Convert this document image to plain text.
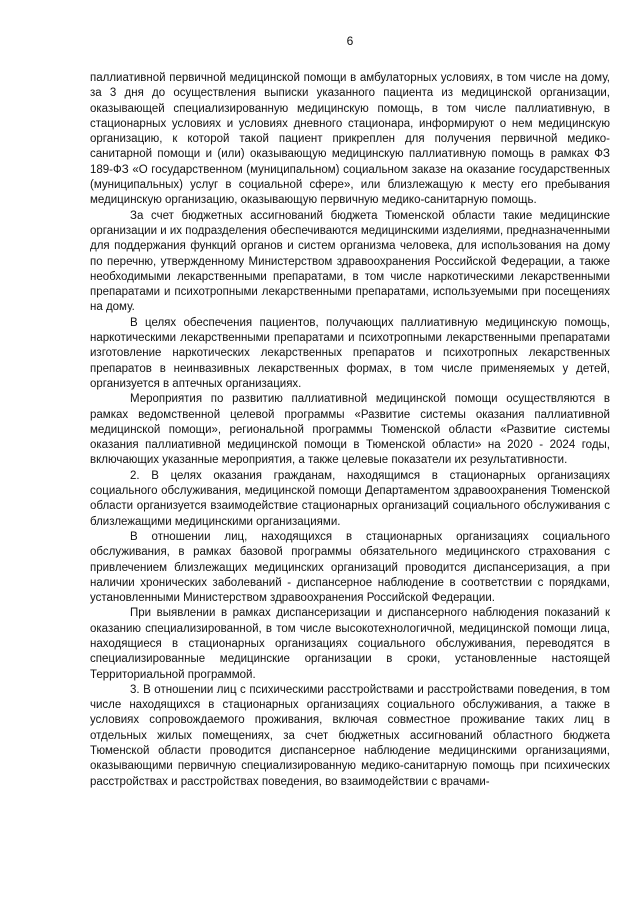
6

паллиативной первичной медицинской помощи в амбулаторных условиях, в том числе на дому, за 3 дня до осуществления выписки указанного пациента из медицинской организации, оказывающей специализированную медицинскую помощь, в том числе паллиативную, в стационарных условиях и условиях дневного стационара, информируют о нем медицинскую организацию, к которой такой пациент прикреплен для получения первичной медико-санитарной помощи и (или) оказывающую медицинскую паллиативную помощь в рамках ФЗ 189-ФЗ «О государственном (муниципальном) социальном заказе на оказание государственных (муниципальных) услуг в социальной сфере», или близлежащую к месту его пребывания медицинскую организацию, оказывающую первичную медико-санитарную помощь.

За счет бюджетных ассигнований бюджета Тюменской области такие медицинские организации и их подразделения обеспечиваются медицинскими изделиями, предназначенными для поддержания функций органов и систем организма человека, для использования на дому по перечню, утвержденному Министерством здравоохранения Российской Федерации, а также необходимыми лекарственными препаратами, в том числе наркотическими лекарственными препаратами и психотропными лекарственными препаратами, используемыми при посещениях на дому.

В целях обеспечения пациентов, получающих паллиативную медицинскую помощь, наркотическими лекарственными препаратами и психотропными лекарственными препаратами изготовление наркотических лекарственных препаратов и психотропных лекарственных препаратов в неинвазивных лекарственных формах, в том числе применяемых у детей, организуется в аптечных организациях.

Мероприятия по развитию паллиативной медицинской помощи осуществляются в рамках ведомственной целевой программы «Развитие системы оказания паллиативной медицинской помощи», региональной программы Тюменской области «Развитие системы оказания паллиативной медицинской помощи в Тюменской области» на 2020 - 2024 годы, включающих указанные мероприятия, а также целевые показатели их результативности.

2. В целях оказания гражданам, находящимся в стационарных организациях социального обслуживания, медицинской помощи Департаментом здравоохранения Тюменской области организуется взаимодействие стационарных организаций социального обслуживания с близлежащими медицинскими организациями.

В отношении лиц, находящихся в стационарных организациях социального обслуживания, в рамках базовой программы обязательного медицинского страхования с привлечением близлежащих медицинских организаций проводится диспансеризация, а при наличии хронических заболеваний - диспансерное наблюдение в соответствии с порядками, установленными Министерством здравоохранения Российской Федерации.

При выявлении в рамках диспансеризации и диспансерного наблюдения показаний к оказанию специализированной, в том числе высокотехнологичной, медицинской помощи лица, находящиеся в стационарных организациях социального обслуживания, переводятся в специализированные медицинские организации в сроки, установленные настоящей Территориальной программой.

3. В отношении лиц с психическими расстройствами и расстройствами поведения, в том числе находящихся в стационарных организациях социального обслуживания, а также в условиях сопровождаемого проживания, включая совместное проживание таких лиц в отдельных жилых помещениях, за счет бюджетных ассигнований областного бюджета Тюменской области проводится диспансерное наблюдение медицинскими организациями, оказывающими первичную специализированную медико-санитарную помощь при психических расстройствах и расстройствах поведения, во взаимодействии с врачами-
